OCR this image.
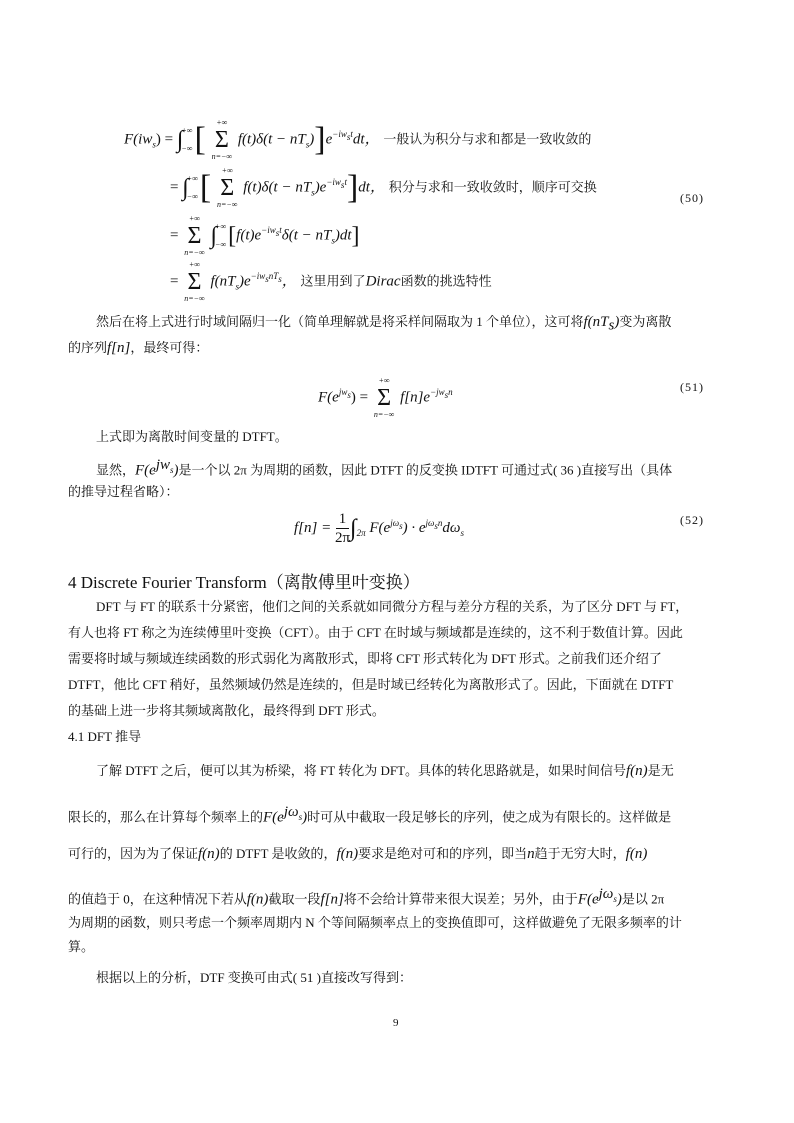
$F(iw_s)$ = ∫
+∞
−∞ [ +∞
Σ
n=−∞
$f(t)\delta(t - nT_s)]e^{-iw_st}dt$， 一般认为积分与求和都是一致收敛的
= ∫
+∞
−∞ [ +∞
Σ
n=−∞
$f(t)\delta(t - nT_s)e^{-iw_st}]dt$， 积分与求和一致收敛时，顺序可交换
(50)
=
+∞
Σ
n=−∞
∫
+∞
−∞ $[f(t)e^{-iw_st}\delta(t - nT_s)dt]$
=
+∞
Σ
n=−∞
$f(nT_s)e^{-iw_snT_s}$， 这里用到了Dirac函数的挑选特性
然后在将上式进行时域间隔归一化（简单理解就是将采样间隔取为 1 个单位），这可将$f(nT_s)$变为离散
的序列f[n]，最终可得：
$F(e^{jw_s})$ =
+∞
Σ
n=−∞
$f[n]e^{-jw_sn}$	(51)
上式即为离散时间变量的 DTFT。
显然，$F(e^{jw_s})$是一个以 2π 为周期的函数，因此 DTFT 的反变换 IDTFT 可通过式( 36 )直接写出（具体
的推导过程省略）：
$f[n] = \frac{1}{2\pi} \int_{2\pi}$ $F(e^{j\omega_s}) \cdot e^{j\omega_sn}d\omega_s$
(52)
4 Discrete Fourier Transform（离散傅里叶变换）
DFT 与 FT 的联系十分紧密，他们之间的关系就如同微分方程与差分方程的关系，为了区分 DFT 与 FT，
有人也将 FT 称之为连续傅里叶变换（CFT）。由于 CFT 在时域与频域都是连续的，这不利于数值计算。因此
需要将时域与频域连续函数的形式弱化为离散形式，即将 CFT 形式转化为 DFT 形式。之前我们还介绍了
DTFT，他比 CFT 稍好，虽然频域仍然是连续的，但是时域已经转化为离散形式了。因此，下面就在 DTFT
的基础上进一步将其频域离散化，最终得到 DFT 形式。
4.1 DFT 推导
了解 DTFT 之后，便可以其为桥梁，将 FT 转化为 DFT。具体的转化思路就是，如果时间信号f(n)是无
限长的，那么在计算每个频率上的$F(e^{j\omega_s})$时可从中截取一段足够长的序列，使之成为有限长的。这样做是
可行的，因为为了保证f(n)的 DTFT 是收敛的，f(n)要求是绝对可和的序列，即当n趋于无穷大时，f(n)
的值趋于 0，在这种情况下若从f(n)截取一段f[n]将不会给计算带来很大误差；另外，由于$F(e^{j\omega_s})$是以 2π
为周期的函数，则只考虑一个频率周期内 N 个等间隔频率点上的变换值即可，这样做避免了无限多频率的计
算。
根据以上的分析，DTF 变换可由式( 51 )直接改写得到：
9
